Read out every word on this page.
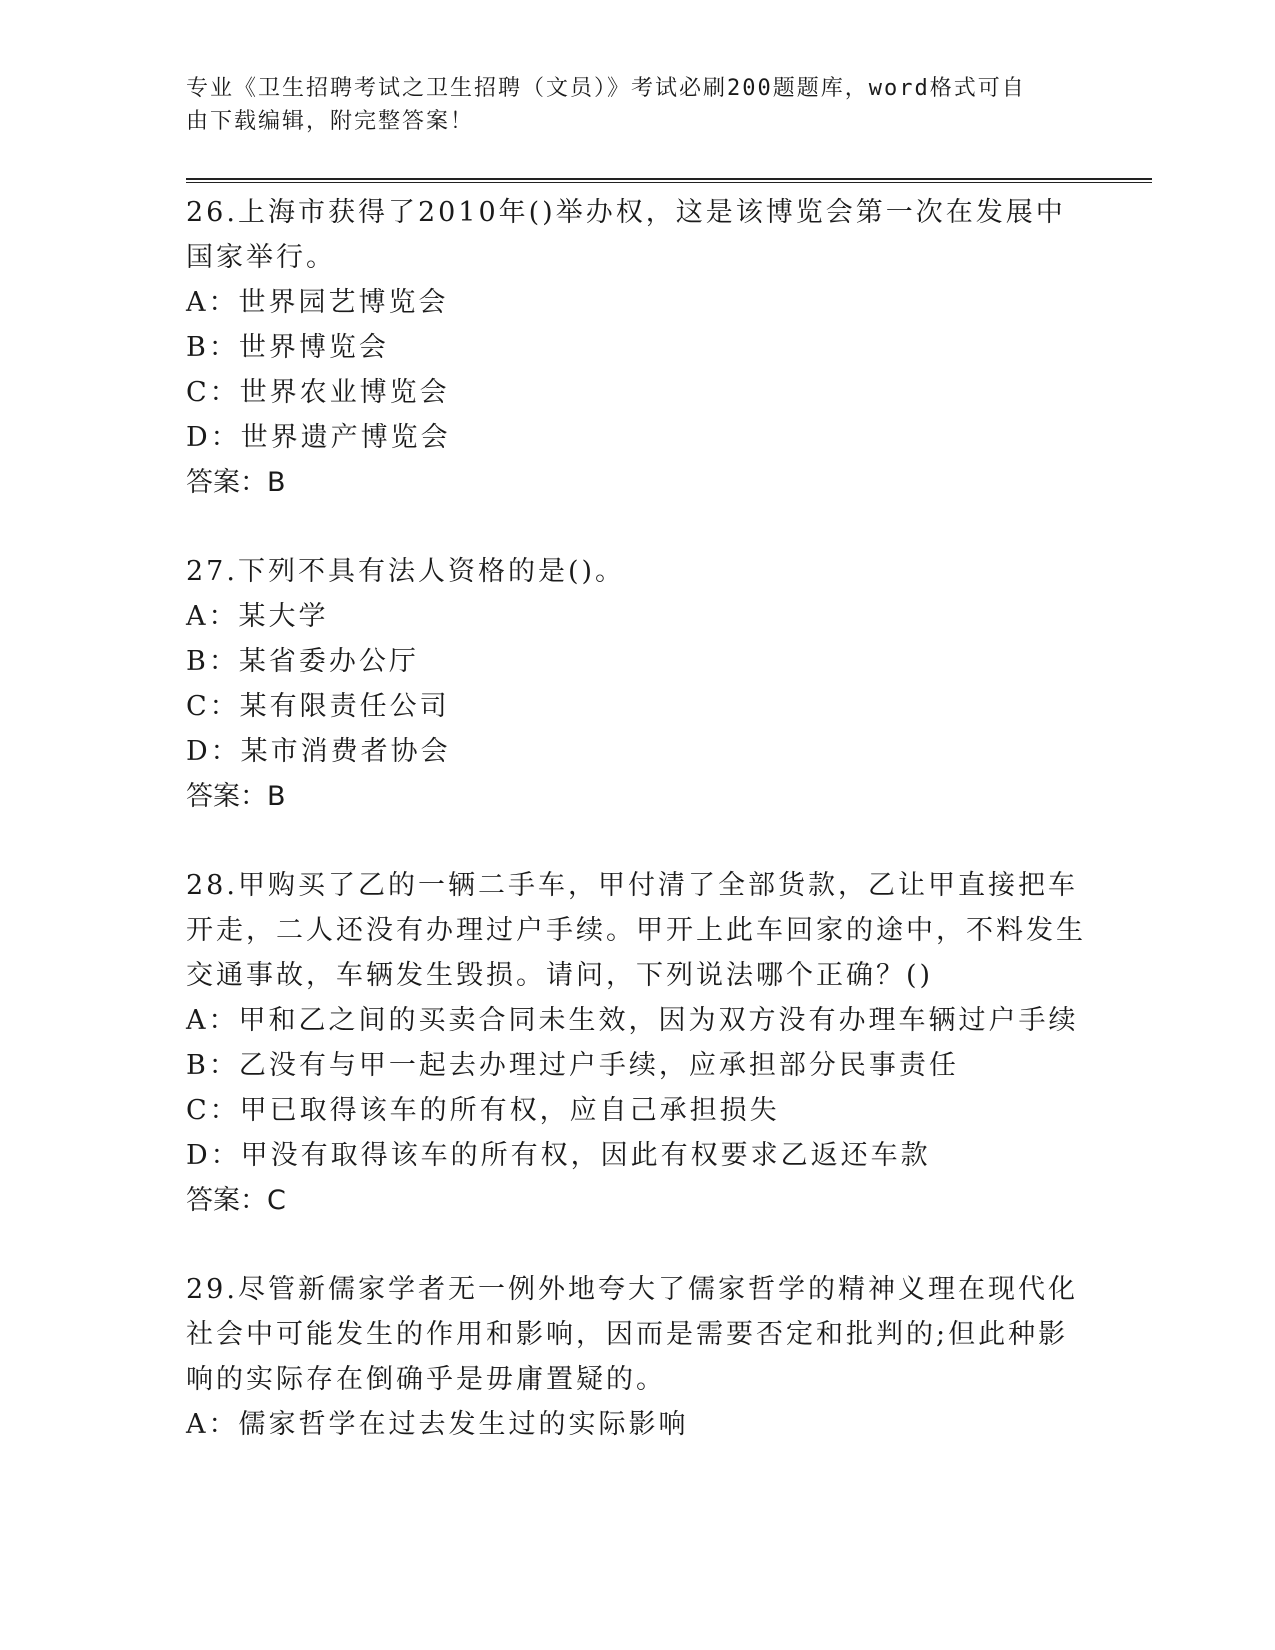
专业《卫生招聘考试之卫生招聘（文员）》考试必刷200题题库，word格式可自
由下载编辑，附完整答案！

26.上海市获得了2010年()举办权，这是该博览会第一次在发展中国家举行。

A：世界园艺博览会

B：世界博览会

C：世界农业博览会

D：世界遗产博览会

答案：B

27.下列不具有法人资格的是()。

A：某大学

B：某省委办公厅

C：某有限责任公司

D：某市消费者协会

答案：B

28.甲购买了乙的一辆二手车，甲付清了全部货款，乙让甲直接把车开走，二人还没有办理过户手续。甲开上此车回家的途中，不料发生交通事故，车辆发生毁损。请问，下列说法哪个正确？()

A：甲和乙之间的买卖合同未生效，因为双方没有办理车辆过户手续

B：乙没有与甲一起去办理过户手续，应承担部分民事责任

C：甲已取得该车的所有权，应自己承担损失

D：甲没有取得该车的所有权，因此有权要求乙返还车款

答案：C

29.尽管新儒家学者无一例外地夸大了儒家哲学的精神义理在现代化社会中可能发生的作用和影响，因而是需要否定和批判的;但此种影响的实际存在倒确乎是毋庸置疑的。

A：儒家哲学在过去发生过的实际影响
